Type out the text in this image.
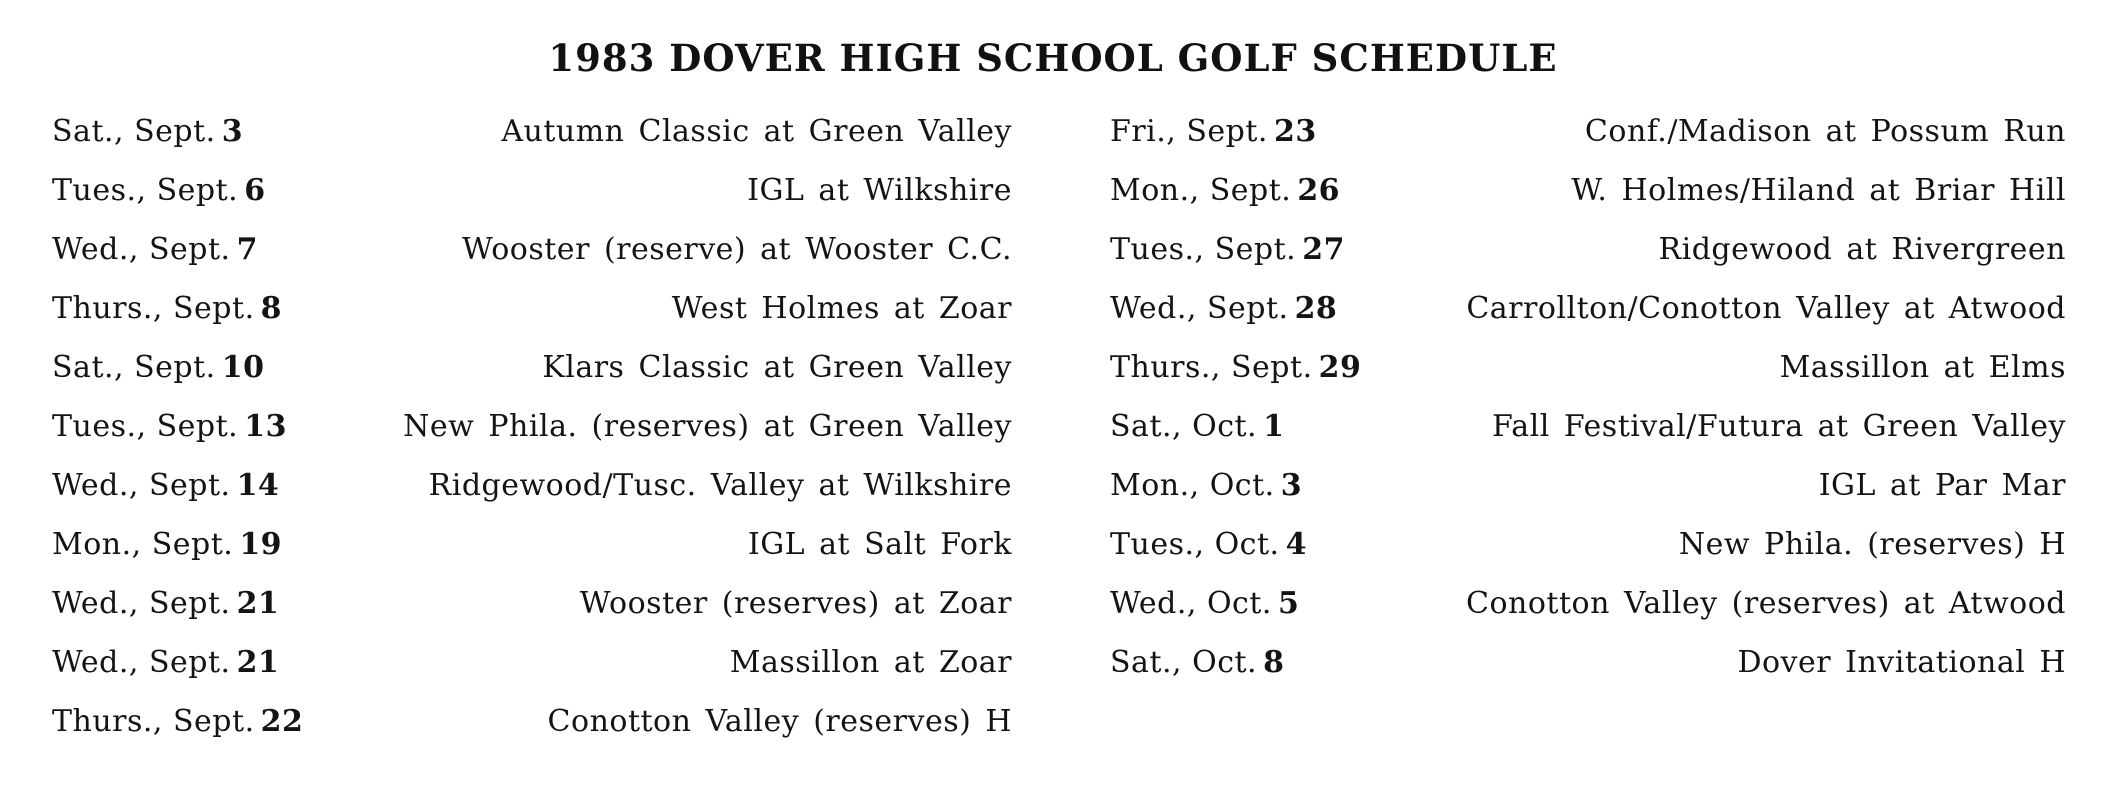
1983 DOVER HIGH SCHOOL GOLF SCHEDULE
Sat., Sept. 3	Autumn Classic at Green Valley
Tues., Sept. 6	IGL at Wilkshire
Wed., Sept. 7	Wooster (reserve) at Wooster C.C.
Thurs., Sept. 8	West Holmes at Zoar
Sat., Sept. 10	Klars Classic at Green Valley
Tues., Sept. 13	New Phila. (reserves) at Green Valley
Wed., Sept. 14	Ridgewood/Tusc. Valley at Wilkshire
Mon., Sept. 19	IGL at Salt Fork
Wed., Sept. 21	Wooster (reserves) at Zoar
Wed., Sept. 21	Massillon at Zoar
Thurs., Sept. 22	Conotton Valley (reserves) H
Fri., Sept. 23	Conf./Madison at Possum Run
Mon., Sept. 26	W. Holmes/Hiland at Briar Hill
Tues., Sept. 27	Ridgewood at Rivergreen
Wed., Sept. 28	Carrollton/Conotton Valley at Atwood
Thurs., Sept. 29	Massillon at Elms
Sat., Oct. 1	Fall Festival/Futura at Green Valley
Mon., Oct. 3	IGL at Par Mar
Tues., Oct. 4	New Phila. (reserves) H
Wed., Oct. 5	Conotton Valley (reserves) at Atwood
Sat., Oct. 8	Dover Invitational H
